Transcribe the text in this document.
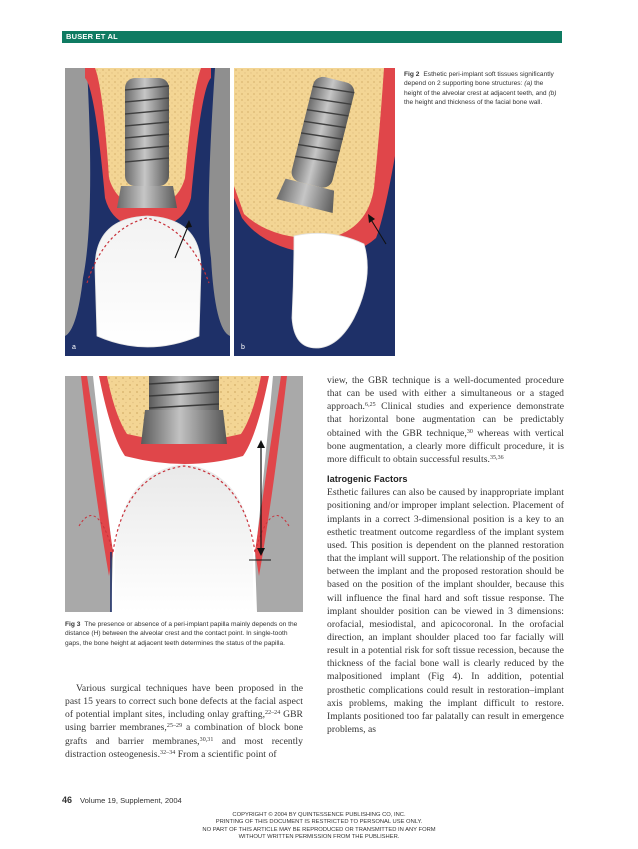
BUSER ET AL
a	b
Fig 2 Esthetic peri-implant soft tissues significantly depend on 2 supporting bone structures: (a) the height of the alveolar crest at adjacent teeth, and (b) the height and thickness of the facial bone wall.
Fig 3 The presence or absence of a peri-implant papilla mainly depends on the distance (H) between the alveolar crest and the contact point. In single-tooth gaps, the bone height at adjacent teeth determines the status of the papilla.

Various surgical techniques have been proposed in the past 15 years to correct such bone defects at the facial aspect of potential implant sites, including onlay grafting,$^{22-24}$ GBR using barrier membranes,$^{25-29}$ a combination of block bone grafts and barrier membranes,$^{30,31}$ and most recently distraction osteogenesis.$^{32-34}$ From a scientific point of

view, the GBR technique is a well-documented procedure that can be used with either a simultaneous or a staged approach.$^{6,25}$ Clinical studies and experience demonstrate that horizontal bone augmentation can be predictably obtained with the GBR technique,$^{30}$ whereas with vertical bone augmentation, a clearly more difficult procedure, it is more difficult to obtain successful results.$^{35,36}$

Iatrogenic Factors

Esthetic failures can also be caused by inappropriate implant positioning and/or improper implant selection. Placement of implants in a correct 3-dimensional position is a key to an esthetic treatment outcome regardless of the implant system used. This position is dependent on the planned restoration that the implant will support. The relationship of the position between the implant and the proposed restoration should be based on the position of the implant shoulder, because this will influence the final hard and soft tissue response. The implant shoulder position can be viewed in 3 dimensions: orofacial, mesiodistal, and apicocoronal. In the orofacial direction, an implant shoulder placed too far facially will result in a potential risk for soft tissue recession, because the thickness of the facial bone wall is clearly reduced by the malpositioned implant (Fig 4). In addition, potential prosthetic complications could result in restoration–implant axis problems, making the implant difficult to restore. Implants positioned too far palatally can result in emergence problems, as

46 Volume 19, Supplement, 2004
COPYRIGHT © 2004 BY QUINTESSENCE PUBLISHING CO, INC.
PRINTING OF THIS DOCUMENT IS RESTRICTED TO PERSONAL USE ONLY.
NO PART OF THIS ARTICLE MAY BE REPRODUCED OR TRANSMITTED IN ANY FORM
WITHOUT WRITTEN PERMISSION FROM THE PUBLISHER.
